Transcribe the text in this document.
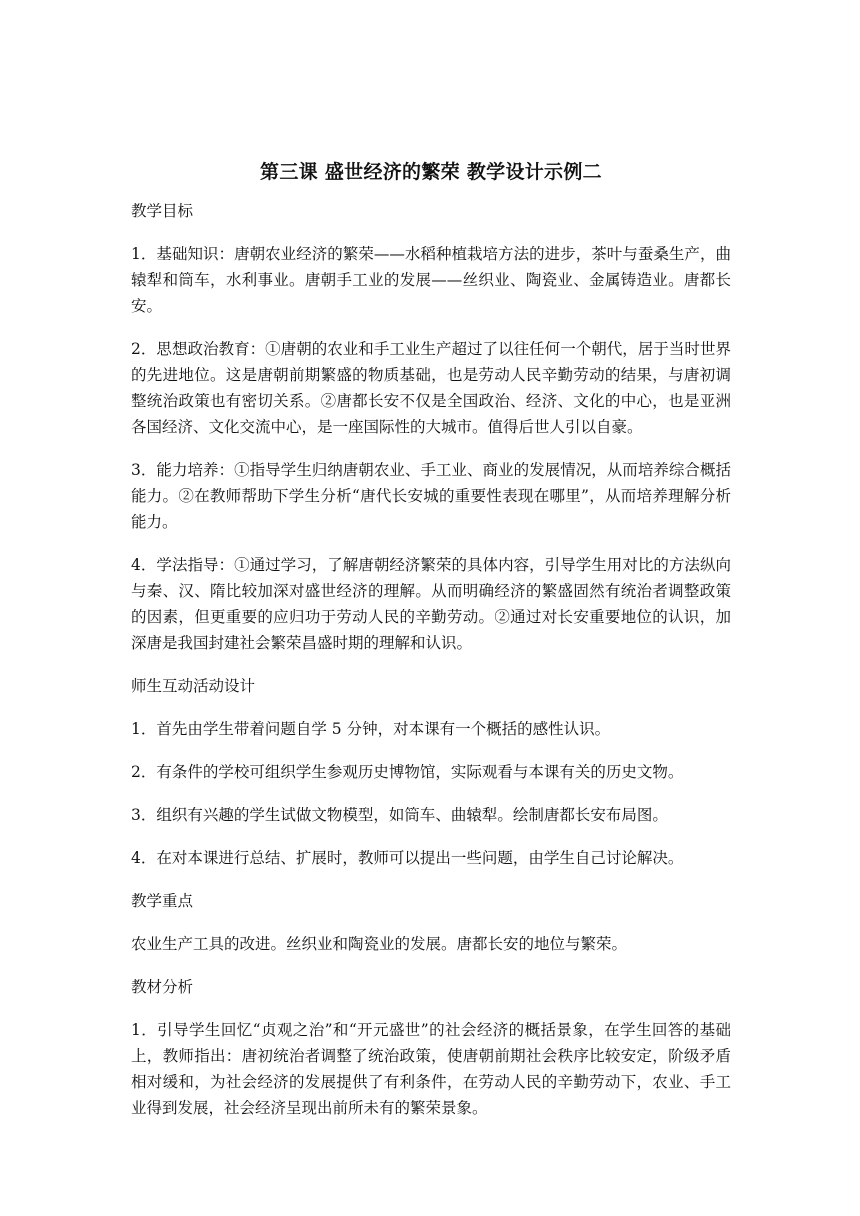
第三课 盛世经济的繁荣 教学设计示例二
教学目标

1．基础知识：唐朝农业经济的繁荣——水稻种植栽培方法的进步，茶叶与蚕桑生产，曲辕犁和筒车，水利事业。唐朝手工业的发展——丝织业、陶瓷业、金属铸造业。唐都长安。

2．思想政治教育：①唐朝的农业和手工业生产超过了以往任何一个朝代，居于当时世界的先进地位。这是唐朝前期繁盛的物质基础，也是劳动人民辛勤劳动的结果，与唐初调整统治政策也有密切关系。②唐都长安不仅是全国政治、经济、文化的中心，也是亚洲各国经济、文化交流中心，是一座国际性的大城市。值得后世人引以自豪。

3．能力培养：①指导学生归纳唐朝农业、手工业、商业的发展情况，从而培养综合概括能力。②在教师帮助下学生分析“唐代长安城的重要性表现在哪里”，从而培养理解分析能力。

4．学法指导：①通过学习，了解唐朝经济繁荣的具体内容，引导学生用对比的方法纵向与秦、汉、隋比较加深对盛世经济的理解。从而明确经济的繁盛固然有统治者调整政策的因素，但更重要的应归功于劳动人民的辛勤劳动。②通过对长安重要地位的认识，加深唐是我国封建社会繁荣昌盛时期的理解和认识。

师生互动活动设计

1．首先由学生带着问题自学 5 分钟，对本课有一个概括的感性认识。

2．有条件的学校可组织学生参观历史博物馆，实际观看与本课有关的历史文物。

3．组织有兴趣的学生试做文物模型，如筒车、曲辕犁。绘制唐都长安布局图。

4．在对本课进行总结、扩展时，教师可以提出一些问题，由学生自己讨论解决。

教学重点

农业生产工具的改进。丝织业和陶瓷业的发展。唐都长安的地位与繁荣。

教材分析

1．引导学生回忆“贞观之治”和“开元盛世”的社会经济的概括景象，在学生回答的基础上，教师指出：唐初统治者调整了统治政策，使唐朝前期社会秩序比较安定，阶级矛盾相对缓和，为社会经济的发展提供了有利条件，在劳动人民的辛勤劳动下，农业、手工业得到发展，社会经济呈现出前所未有的繁荣景象。
